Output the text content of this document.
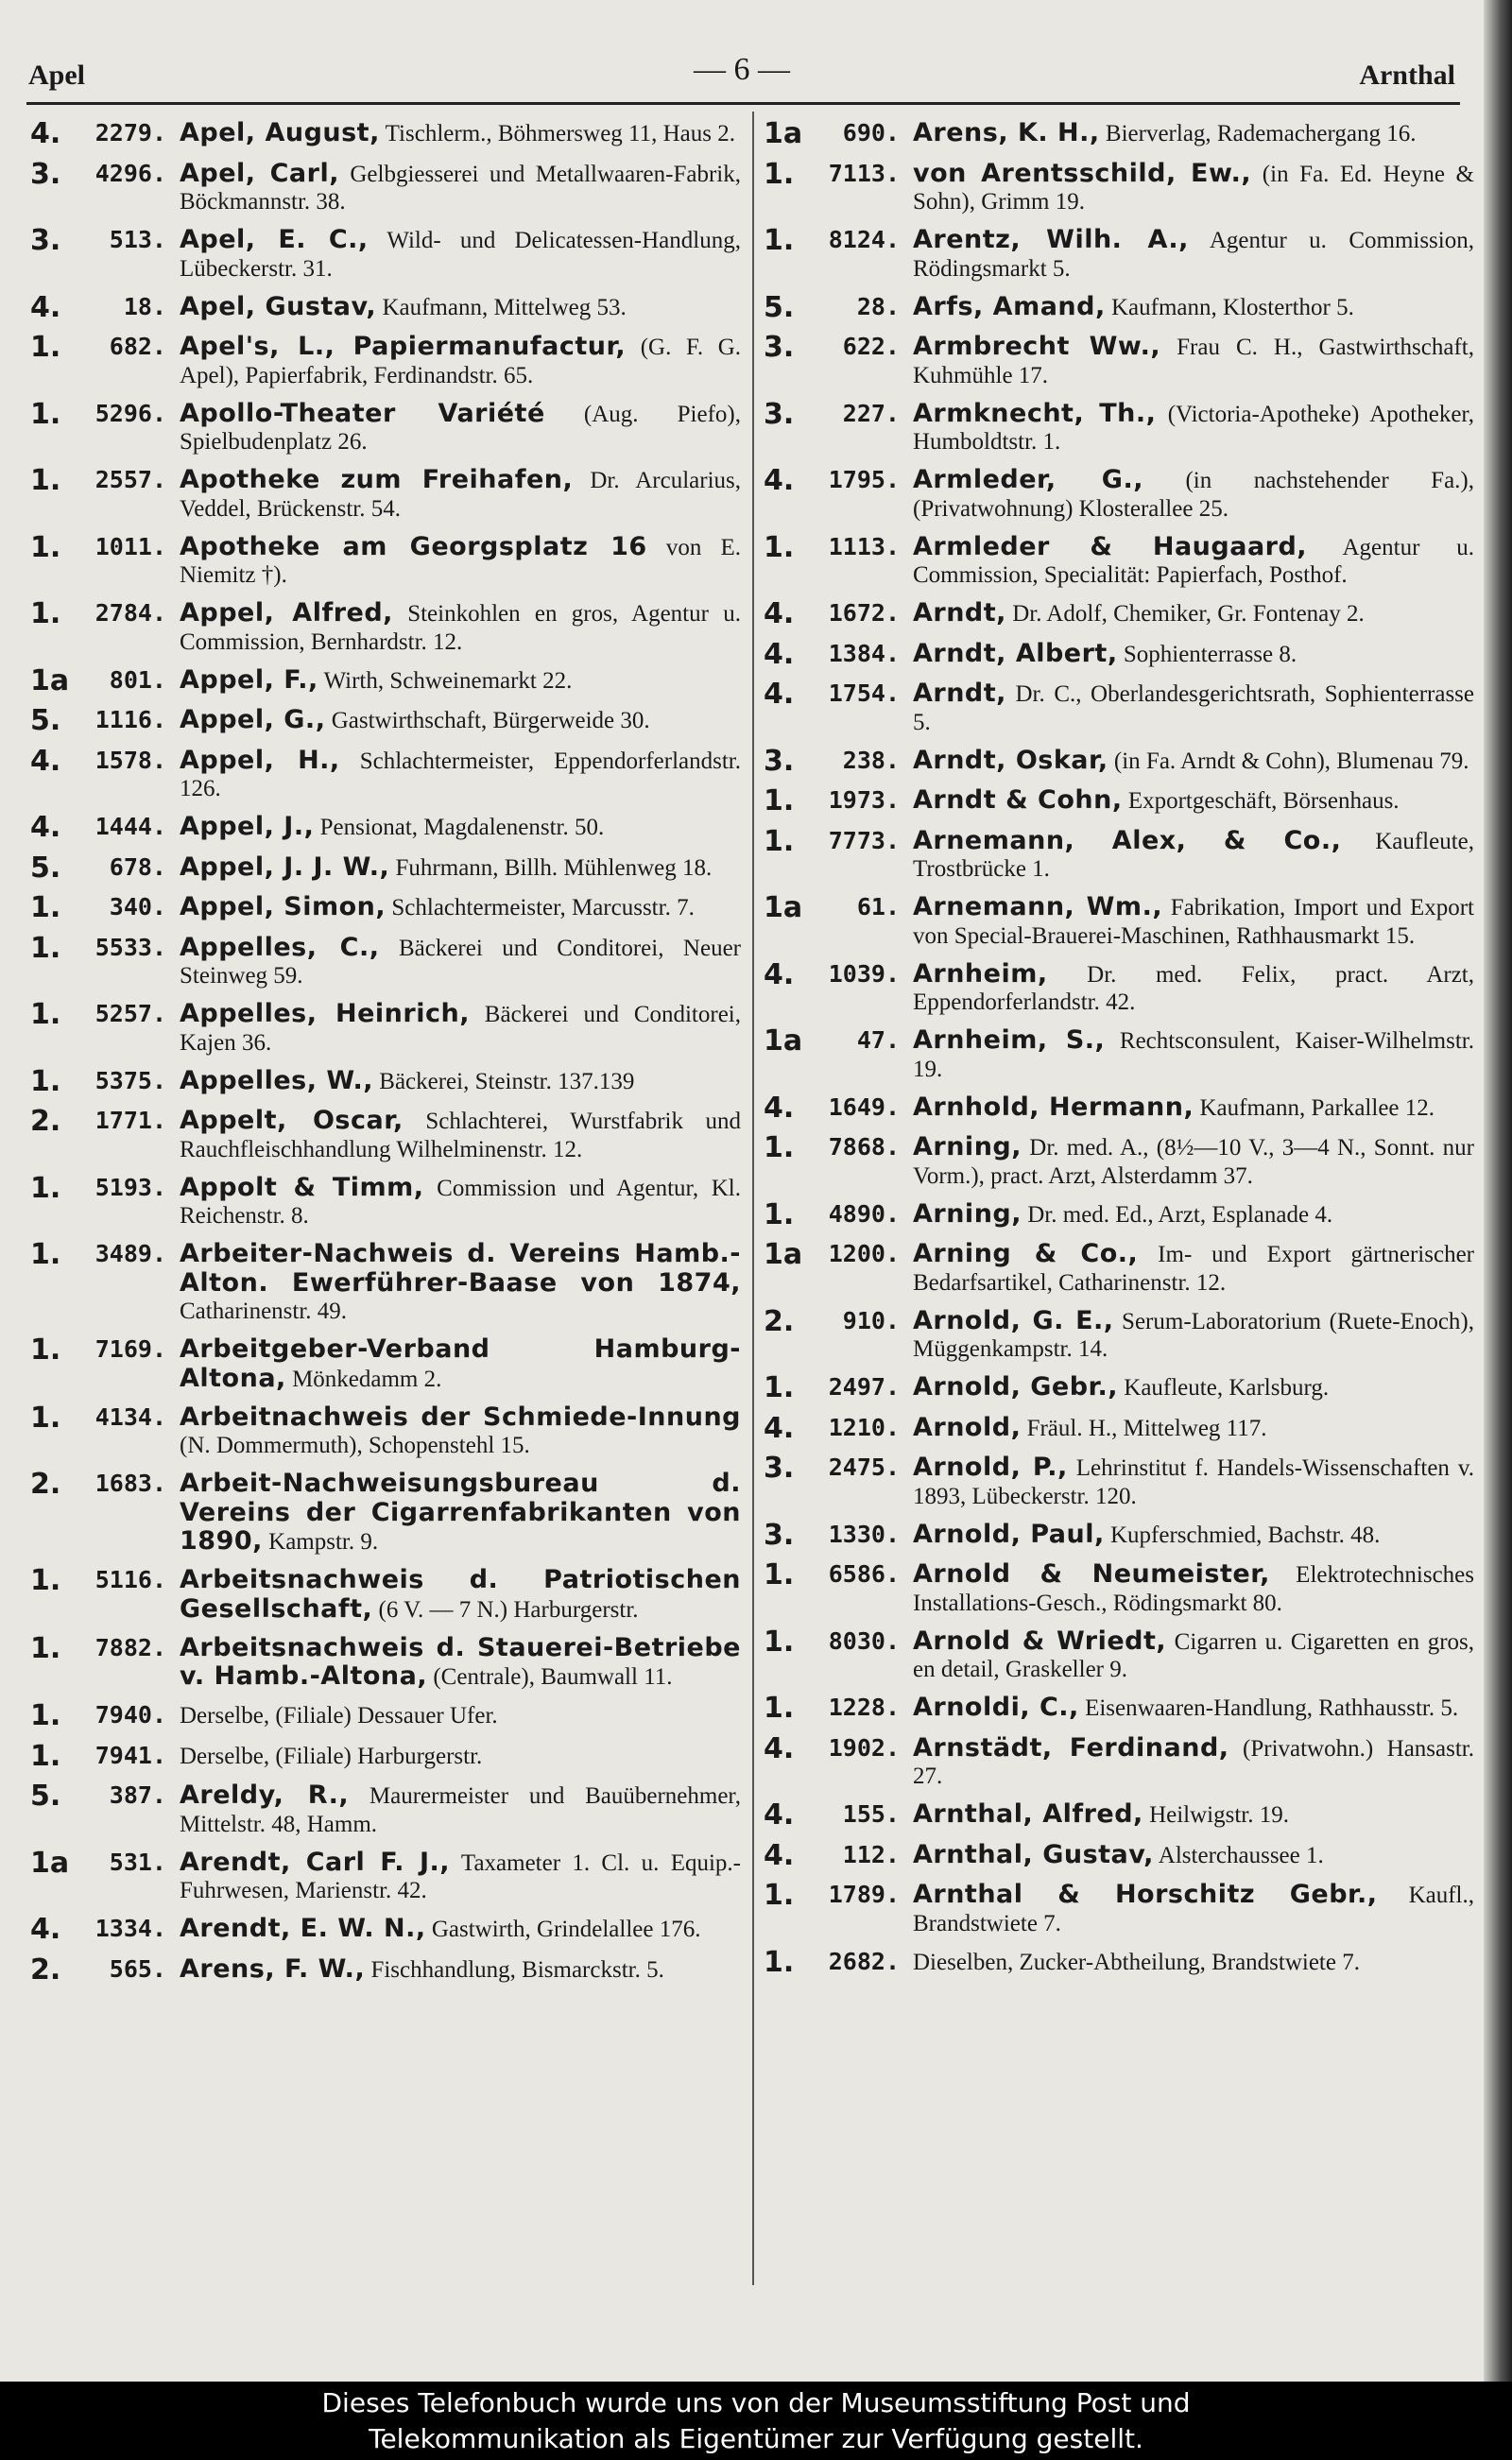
Apel	— 6 —	Arnthal
4.	2279. Apel, August, Tischlerm., Böhmersweg 11, Haus 2.
3.	4296. Apel, Carl, Gelbgiesserei und Metallwaaren-Fabrik, Böckmannstr. 38.
3.	513. Apel, E. C., Wild- und Delicatessen-Handlung, Lübeckerstr. 31.
4.	18. Apel, Gustav, Kaufmann, Mittelweg 53.
1.	682. Apel's, L., Papiermanufactur, (G. F. G. Apel), Papierfabrik, Ferdinandstr. 65.
1.	5296. Apollo-Theater Variété (Aug. Piefo), Spielbudenplatz 26.
1.	2557. Apotheke zum Freihafen, Dr. Arcularius, Veddel, Brückenstr. 54.
1.	1011. Apotheke am Georgsplatz 16 von E. Niemitz †).
1.	2784. Appel, Alfred, Steinkohlen en gros, Agentur u. Commission, Bernhardstr. 12.
1a	801. Appel, F., Wirth, Schweinemarkt 22.
5.	1116. Appel, G., Gastwirthschaft, Bürgerweide 30.
4.	1578. Appel, H., Schlachtermeister, Eppendorferlandstr. 126.
4.	1444. Appel, J., Pensionat, Magdalenenstr. 50.
5.	678. Appel, J. J. W., Fuhrmann, Billh. Mühlenweg 18.
1.	340. Appel, Simon, Schlachtermeister, Marcusstr. 7.
1.	5533. Appelles, C., Bäckerei und Conditorei, Neuer Steinweg 59.
1.	5257. Appelles, Heinrich, Bäckerei und Conditorei, Kajen 36.
1.	5375. Appelles, W., Bäckerei, Steinstr. 137.139
2.	1771. Appelt, Oscar, Schlachterei, Wurstfabrik und Rauchfleischhandlung Wilhelminenstr. 12.
1.	5193. Appolt & Timm, Commission und Agentur, Kl. Reichenstr. 8.
1.	3489. Arbeiter-Nachweis d. Vereins Hamb.-Alton. Ewerführer-Baase von 1874, Catharinenstr. 49.
1.	7169. Arbeitgeber-Verband Hamburg-Altona, Mönkedamm 2.
1.	4134. Arbeitnachweis der Schmiede-Innung (N. Dommermuth), Schopenstehl 15.
2.	1683. Arbeit-Nachweisungsbureau d. Vereins der Cigarrenfabrikanten von 1890, Kampstr. 9.
1.	5116. Arbeitsnachweis d. Patriotischen Gesellschaft, (6 V. — 7 N.) Harburgerstr.
1.	7882. Arbeitsnachweis d. Stauerei-Betriebe v. Hamb.-Altona, (Centrale), Baumwall 11.
1.	7940. Derselbe, (Filiale) Dessauer Ufer.
1.	7941. Derselbe, (Filiale) Harburgerstr.
5.	387. Areldy, R., Maurermeister und Bauübernehmer, Mittelstr. 48, Hamm.
1a	531. Arendt, Carl F. J., Taxameter 1. Cl. u. Equip.-Fuhrwesen, Marienstr. 42.
4.	1334. Arendt, E. W. N., Gastwirth, Grindelallee 176.
2.	565. Arens, F. W., Fischhandlung, Bismarckstr. 5.
1a	690. Arens, K. H., Bierverlag, Rademachergang 16.
1.	7113. von Arentsschild, Ew., (in Fa. Ed. Heyne & Sohn), Grimm 19.
1.	8124. Arentz, Wilh. A., Agentur u. Commission, Rödingsmarkt 5.
5.	28. Arfs, Amand, Kaufmann, Klosterthor 5.
3.	622. Armbrecht Ww., Frau C. H., Gastwirthschaft, Kuhmühle 17.
3.	227. Armknecht, Th., (Victoria-Apotheke) Apotheker, Humboldtstr. 1.
4.	1795. Armleder, G., (in nachstehender Fa.), (Privatwohnung) Klosterallee 25.
1.	1113. Armleder & Haugaard, Agentur u. Commission, Specialität: Papierfach, Posthof.
4.	1672. Arndt, Dr. Adolf, Chemiker, Gr. Fontenay 2.
4.	1384. Arndt, Albert, Sophienterrasse 8.
4.	1754. Arndt, Dr. C., Oberlandesgerichtsrath, Sophienterrasse 5.
3.	238. Arndt, Oskar, (in Fa. Arndt & Cohn), Blumenau 79.
1.	1973. Arndt & Cohn, Exportgeschäft, Börsenhaus.
1.	7773. Arnemann, Alex, & Co., Kaufleute, Trostbrücke 1.
1a	61. Arnemann, Wm., Fabrikation, Import und Export von Special-Brauerei-Maschinen, Rathhausmarkt 15.
4.	1039. Arnheim, Dr. med. Felix, pract. Arzt, Eppendorferlandstr. 42.
1a	47. Arnheim, S., Rechtsconsulent, Kaiser-Wilhelmstr. 19.
4.	1649. Arnhold, Hermann, Kaufmann, Parkallee 12.
1.	7868. Arning, Dr. med. A., (8½—10 V., 3—4 N., Sonnt. nur Vorm.), pract. Arzt, Alsterdamm 37.
1.	4890. Arning, Dr. med. Ed., Arzt, Esplanade 4.
1a	1200. Arning & Co., Im- und Export gärtnerischer Bedarfsartikel, Catharinenstr. 12.
2.	910. Arnold, G. E., Serum-Laboratorium (Ruete-Enoch), Müggenkampstr. 14.
1.	2497. Arnold, Gebr., Kaufleute, Karlsburg.
4.	1210. Arnold, Fräul. H., Mittelweg 117.
3.	2475. Arnold, P., Lehrinstitut f. Handels-Wissenschaften v. 1893, Lübeckerstr. 120.
3.	1330. Arnold, Paul, Kupferschmied, Bachstr. 48.
1.	6586. Arnold & Neumeister, Elektrotechnisches Installations-Gesch., Rödingsmarkt 80.
1.	8030. Arnold & Wriedt, Cigarren u. Cigaretten en gros, en detail, Graskeller 9.
1.	1228. Arnoldi, C., Eisenwaaren-Handlung, Rathhausstr. 5.
4.	1902. Arnstädt, Ferdinand, (Privatwohn.) Hansastr. 27.
4.	155. Arnthal, Alfred, Heilwigstr. 19.
4.	112. Arnthal, Gustav, Alsterchaussee 1.
1.	1789. Arnthal & Horschitz Gebr., Kaufl., Brandstwiete 7.
1.	2682. Dieselben, Zucker-Abtheilung, Brandstwiete 7.
Dieses Telefonbuch wurde uns von der Museumsstiftung Post und
Telekommunikation als Eigentümer zur Verfügung gestellt.
